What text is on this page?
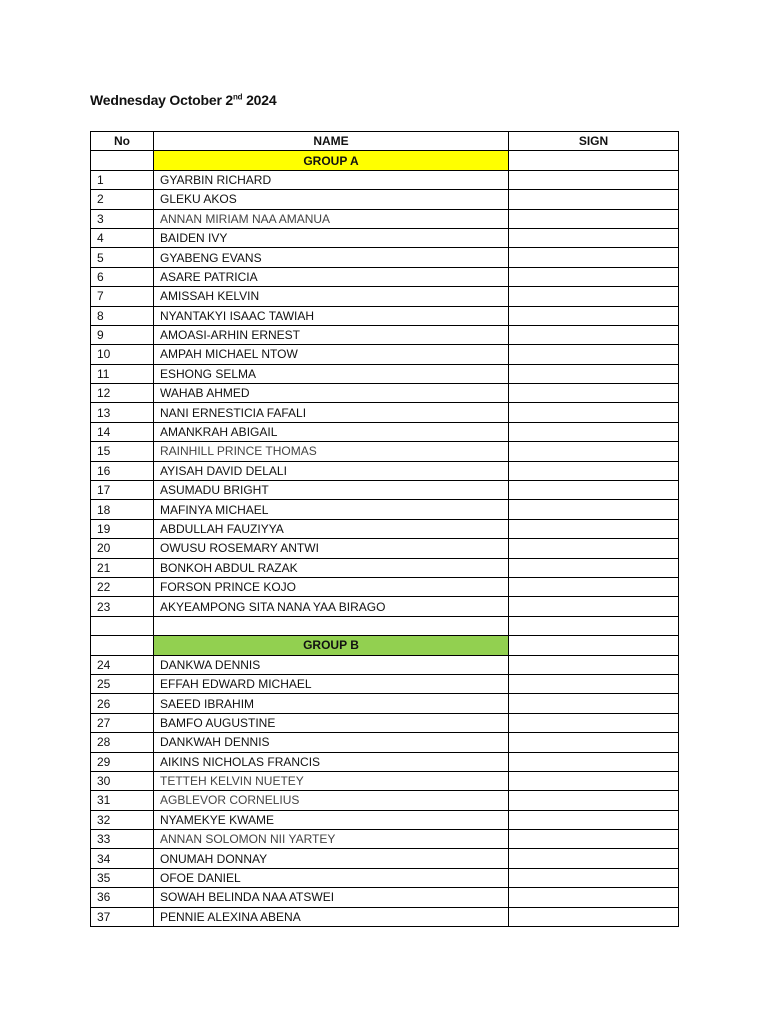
Wednesday October 2nd 2024
No	NAME	SIGN
	GROUP A	
1	GYARBIN RICHARD	
2	GLEKU AKOS	
3	ANNAN MIRIAM NAA AMANUA	
4	BAIDEN IVY	
5	GYABENG EVANS	
6	ASARE PATRICIA	
7	AMISSAH KELVIN	
8	NYANTAKYI ISAAC TAWIAH	
9	AMOASI-ARHIN ERNEST	
10	AMPAH MICHAEL NTOW	
11	ESHONG SELMA	
12	WAHAB AHMED	
13	NANI ERNESTICIA FAFALI	
14	AMANKRAH ABIGAIL	
15	RAINHILL PRINCE THOMAS	
16	AYISAH DAVID DELALI	
17	ASUMADU BRIGHT	
18	MAFINYA MICHAEL	
19	ABDULLAH FAUZIYYA	
20	OWUSU ROSEMARY ANTWI	
21	BONKOH ABDUL RAZAK	
22	FORSON PRINCE KOJO	
23	AKYEAMPONG SITA NANA YAA BIRAGO	

	GROUP B	
24	DANKWA DENNIS	
25	EFFAH EDWARD MICHAEL	
26	SAEED IBRAHIM	
27	BAMFO AUGUSTINE	
28	DANKWAH DENNIS	
29	AIKINS NICHOLAS FRANCIS	
30	TETTEH KELVIN NUETEY	
31	AGBLEVOR CORNELIUS	
32	NYAMEKYE KWAME	
33	ANNAN SOLOMON NII YARTEY	
34	ONUMAH DONNAY	
35	OFOE DANIEL	
36	SOWAH BELINDA NAA ATSWEI	
37	PENNIE ALEXINA ABENA	
